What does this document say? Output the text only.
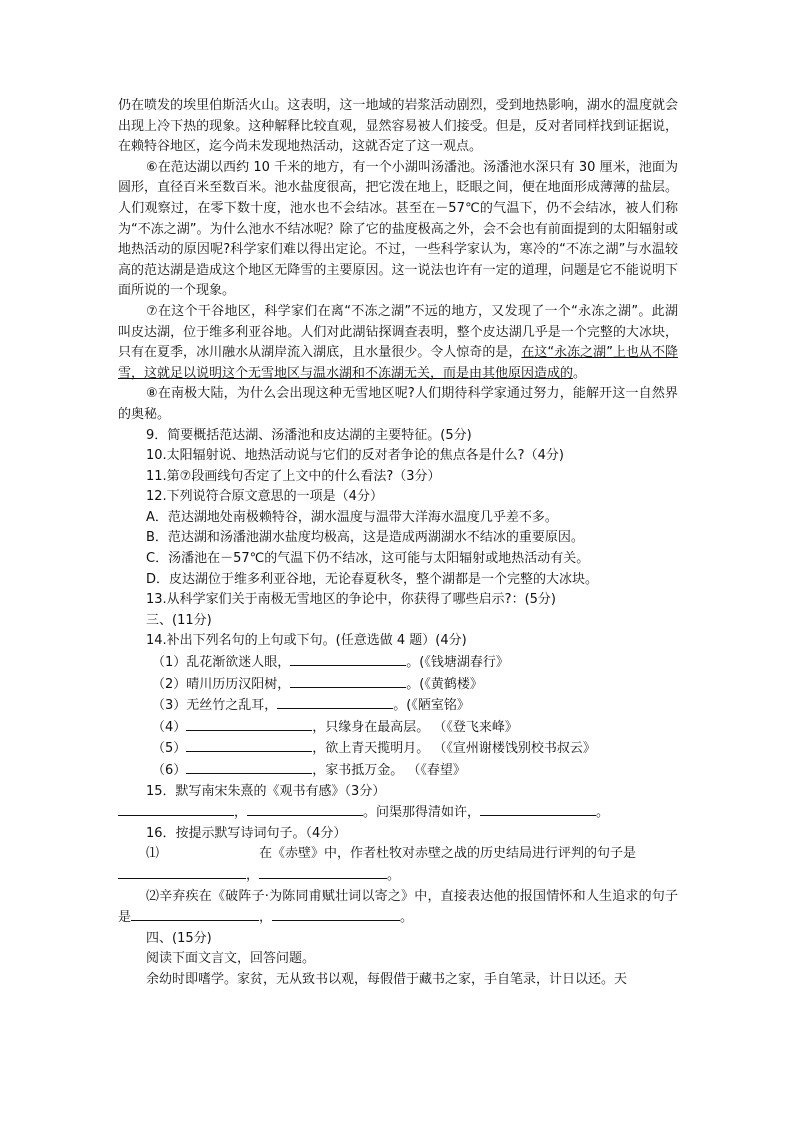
仍在喷发的埃里伯斯活火山。这表明，这一地域的岩浆活动剧烈，受到地热影响，湖水的温度就会出现上冷下热的现象。这种解释比较直观，显然容易被人们接受。但是，反对者同样找到证据说，在赖特谷地区，迄今尚未发现地热活动，这就否定了这一观点。

⑥在范达湖以西约 10 千米的地方，有一个小湖叫汤潘池。汤潘池水深只有 30 厘米，池面为圆形，直径百米至数百米。池水盐度很高，把它泼在地上，眨眼之间，便在地面形成薄薄的盐层。人们观察过，在零下数十度，池水也不会结冰。甚至在－57℃的气温下，仍不会结冰，被人们称为“不冻之湖”。为什么池水不结冰呢？除了它的盐度极高之外，会不会也有前面提到的太阳辐射或地热活动的原因呢?科学家们难以得出定论。不过，一些科学家认为，寒冷的“不冻之湖”与水温较高的范达湖是造成这个地区无降雪的主要原因。这一说法也许有一定的道理，问题是它不能说明下面所说的一个现象。

⑦在这个干谷地区，科学家们在离“不冻之湖”不远的地方，又发现了一个“永冻之湖”。此湖叫皮达湖，位于维多利亚谷地。人们对此湖钻探调查表明，整个皮达湖几乎是一个完整的大冰块，只有在夏季，冰川融水从湖岸流入湖底，且水量很少。令人惊奇的是，在这“永冻之湖”上也从不降雪，这就足以说明这个无雪地区与温水湖和不冻湖无关，而是由其他原因造成的。

⑧在南极大陆，为什么会出现这种无雪地区呢?人们期待科学家通过努力，能解开这一自然界的奥秘。

9．简要概括范达湖、汤潘池和皮达湖的主要特征。(5分)

10.太阳辐射说、地热活动说与它们的反对者争论的焦点各是什么?（4分)

11.第⑦段画线句否定了上文中的什么看法?（3分）

12.下列说符合原文意思的一项是（4分）

A．范达湖地处南极赖特谷，湖水温度与温带大洋海水温度几乎差不多。

B．范达湖和汤潘池湖水盐度均极高，这是造成两湖湖水不结冰的重要原因。

C．汤潘池在－57℃的气温下仍不结冰，这可能与太阳辐射或地热活动有关。

D．皮达湖位于维多利亚谷地，无论春夏秋冬，整个湖都是一个完整的大冰块。

13.从科学家们关于南极无雪地区的争论中，你获得了哪些启示?：(5分)

三、(11分)

14.补出下列名句的上句或下句。(任意选做 4 题）(4分)

（1）乱花渐欲迷人眼，	。(《钱塘湖春行》

（2）晴川历历汉阳树，	。(《黄鹤楼》

（3）无丝竹之乱耳，	。(《陋室铭》

（4）	，只缘身在最高层。 （《登飞来峰》

（5）	，欲上青天揽明月。 （《宣州谢楼饯别校书叔云》

（6）	，家书抵万金。 （《春望》

15．默写南宋朱熹的《观书有感》（3分）

，	。问渠那得清如许，	。

16．按提示默写诗词句子。（4分）

⑴	在《赤壁》中，作者杜牧对赤壁之战的历史结局进行评判的句子是

，	。

⑵辛弃疾在《破阵子·为陈同甫赋壮词以寄之》中，直接表达他的报国情怀和人生追求的句子是	，	。

四、(15分)

阅读下面文言文，回答问题。

余幼时即嗜学。家贫，无从致书以观，每假借于藏书之家，手自笔录，计日以还。天
